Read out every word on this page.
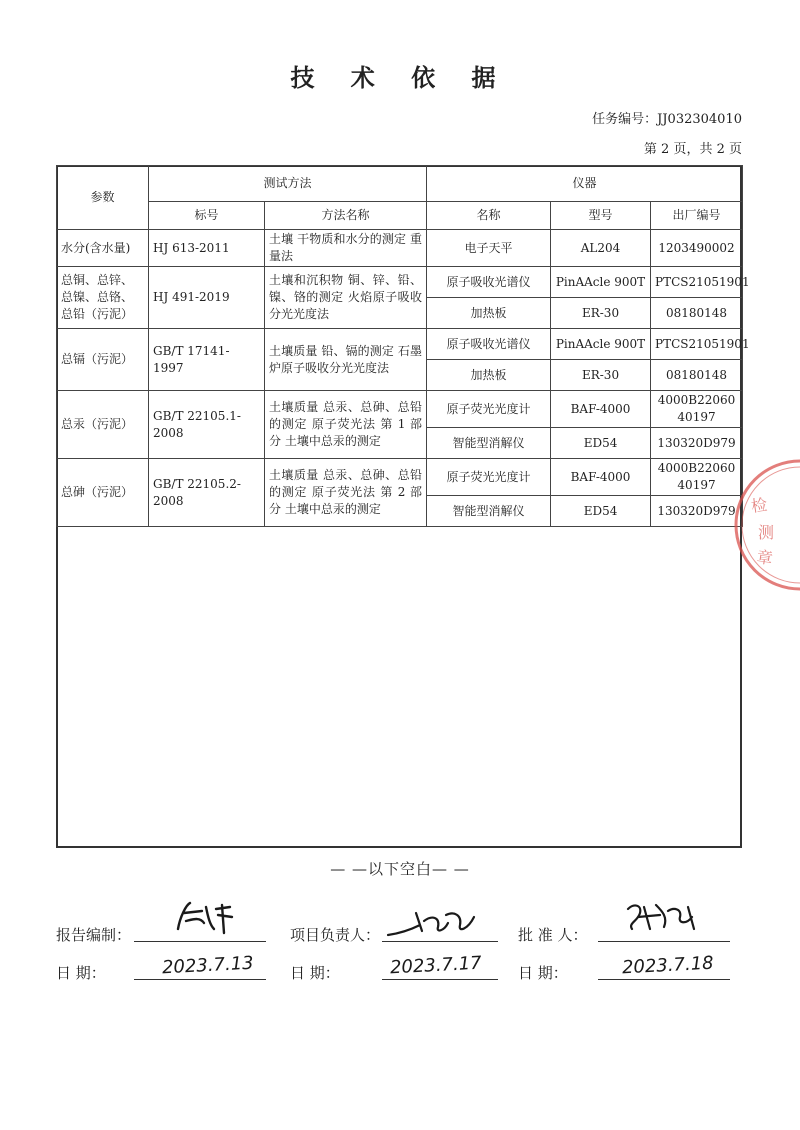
技 术 依 据
任务编号：JJ032304010
第 2 页，共 2 页
参数	测试方法		仪器		
	标号	方法名称	名称	型号	出厂编号
水分(含水量)	HJ 613-2011	土壤 干物质和水分的测定 重量法	电子天平	AL204	1203490002
总铜、总锌、总镍、总铬、总铅（污泥）	HJ 491-2019	土壤和沉积物 铜、锌、铅、镍、铬的测定 火焰原子吸收分光光度法	原子吸收光谱仪	PinAAcle 900T	PTCS21051901
			加热板	ER-30	08180148
总镉（污泥）	GB/T 17141-1997	土壤质量 铅、镉的测定 石墨炉原子吸收分光光度法	原子吸收光谱仪	PinAAcle 900T	PTCS21051901
			加热板	ER-30	08180148
总汞（污泥）	GB/T 22105.1-2008	土壤质量 总汞、总砷、总铅的测定 原子荧光法 第 1 部分 土壤中总汞的测定	原子荧光光度计	BAF-4000	4000B2206040197
			智能型消解仪	ED54	130320D979
总砷（污泥）	GB/T 22105.2-2008	土壤质量 总汞、总砷、总铅的测定 原子荧光法 第 2 部分 土壤中总汞的测定	原子荧光光度计	BAF-4000	4000B2206040197
			智能型消解仪	ED54	130320D979 检
测
章
— —以下空白— —
报告编制：	项目负责人：	批 准 人：
日 期：	2023.7.13 日 期：	2023.7.17 日 期：	2023.7.18
